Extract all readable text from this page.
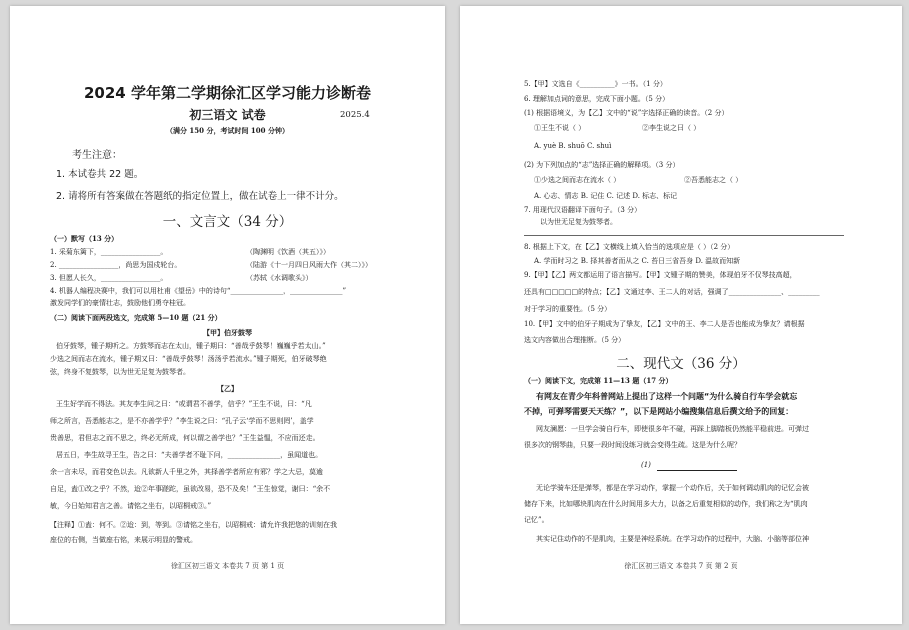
2024 学年第二学期徐汇区学习能力诊断卷
初三语文 试卷	2025.4
（满分 150 分，考试时间 100 分钟）
考生注意：
1. 本试卷共 22 题。
2. 请将所有答案做在答题纸的指定位置上，做在试卷上一律不计分。
一、文言文（34 分）
（一）默写（13 分）
1. 采菊东篱下，_________________。	（陶渊明《饮酒（其五）》）
2. _________________，尚思为国戍轮台。	（陆游《十一月四日风雨大作（其二）》）
3. 但愿人长久，_________________。	（苏轼《水调歌头》）
4. 机器人编程决赛中，我们可以用杜甫《望岳》中的诗句“_______________，_______________”
激发同学们的豪情壮志，鼓励他们勇夺桂冠。
（二）阅读下面两段选文，完成第 5—10 题（21 分）
【甲】伯牙鼓琴
伯牙鼓琴，锺子期听之。方鼓琴而志在太山，锺子期曰：“善哉乎鼓琴！巍巍乎若太山。”
少选之间而志在流水，锺子期又曰：“善哉乎鼓琴！汤汤乎若流水。”锺子期死，伯牙破琴绝
弦，终身不复鼓琴，以为世无足复为鼓琴者。
【乙】
王生好学而不得法。其友李生问之曰：“或谓君不善学，信乎？”王生不说，曰：“凡
师之所言，吾悉能志之，是不亦善学乎？”李生说之曰：“孔子云‘学而不思则罔’，盖学
贵善思，君但志之而不思之，终必无所成，何以谓之善学也？”王生益愠，不应而还走。
居五日，李生故寻王生，告之曰：“夫善学者不耻下问，_______________，虽闻道也。
余一言未尽，而君变色以去。凡欲新人千里之外，其择善学者所应有邪？学之大忌，莫逾
自足，盍①改之乎？不然，迨②年事蹉跎，虽欲改易，恐不及矣！”王生惊觉，谢曰：“余不
敏，今日始知君言之善。请铭之坐右，以昭桐戒③。”
【注释】①盍：何不。②迨：到，等到。③请铭之坐右，以昭桐戒：请允许我把您的训刻在我
座位的右侧，当做座右铭，来展示明显的警戒。
徐汇区初三语文 本卷共 7 页 第 1 页
5.【甲】文选自《__________》一书。（1 分）
6. 理解加点词的意思，完成下面小题。（5 分）
(1) 根据语境义，为【乙】文中的“说”字选择正确的读音。（2 分）
①王生不说（ ）	②李生说之曰（ ）
A. yuè B. shuō C. shuì
(2) 为下列加点的“志”选择正确的解释项。（3 分）
①少选之间而志在流水（ ）	②吾悉能志之（ ）
A. 心志、情志 B. 记住 C. 记述 D. 标志、标记
7. 用现代汉语翻译下面句子。（3 分）
以为世无足复为鼓琴者。
8. 根据上下文，在【乙】文横线上填入恰当的选项应是（ ）（2 分）
A. 学而时习之 B. 择其善者而从之 C. 苔日三省吾身 D. 温故而知新
9.【甲】【乙】两文都运用了语言描写。【甲】文锺子期的赞美，体现伯牙不仅琴技高超，
还具有□□□□□的特点；【乙】文通过李、王二人的对话，强调了_______________、_________
对于学习的重要性。（5 分）
10.【甲】文中的伯牙子期成为了挚友，【乙】文中的王、李二人是否也能成为挚友？请根据
选文内容做出合理推断。（5 分）
二、现代文（36 分）
（一）阅读下文，完成第 11—13 题（17 分）
有网友在青少年科普网站上提出了这样一个问题“为什么骑自行车学会就忘
不掉，可弹琴需要天天练？”，以下是网站小编搜集信息后撰文给予的回复：
网友澜愿：一旦学会骑自行车，即使很多年不碰，再踩上脚踏板仍然能平稳前进。可弹过
很多次的钢琴曲，只要一段时间没练习就会变得生疏。这是为什么呢？
(1)
无论学骑车还是弹琴，都是在学习动作，掌握一个动作后，关于如何调动肌肉的记忆会被
储存下来，比如哪块肌肉在什么时间用多大力，以备之后重复相似的动作，我们称之为“肌肉
记忆”。
其实记住动作的不是肌肉，主要是神经系统。在学习动作的过程中，大脑、小脑等部位神
徐汇区初三语文 本卷共 7 页 第 2 页
